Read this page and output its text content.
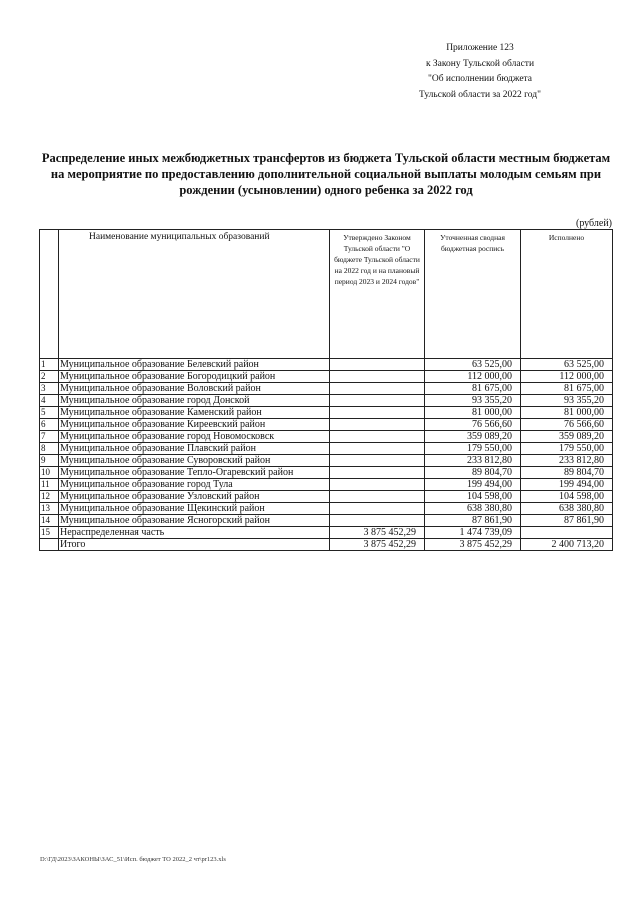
Приложение 123
к Закону Тульской области
"Об исполнении бюджета
Тульской области за 2022 год"
Распределение иных межбюджетных трансфертов из бюджета Тульской области местным бюджетам на мероприятие по предоставлению дополнительной социальной выплаты молодым семьям при рождении (усыновлении) одного ребенка за 2022 год
(рублей)
	Наименование муниципальных образований	Утверждено Законом Тульской области "О бюджете Тульской области на 2022 год и на плановый период 2023 и 2024 годов"	Уточненная сводная бюджетная роспись	Исполнено
1	Муниципальное образование Белевский район		63 525,00	63 525,00
2	Муниципальное образование Богородицкий район		112 000,00	112 000,00
3	Муниципальное образование Воловский район		81 675,00	81 675,00
4	Муниципальное образование город Донской		93 355,20	93 355,20
5	Муниципальное образование Каменский район		81 000,00	81 000,00
6	Муниципальное образование Киреевский район		76 566,60	76 566,60
7	Муниципальное образование город Новомосковск		359 089,20	359 089,20
8	Муниципальное образование Плавский район		179 550,00	179 550,00
9	Муниципальное образование Суворовский район		233 812,80	233 812,80
10	Муниципальное образование Тепло-Огаревский район		89 804,70	89 804,70
11	Муниципальное образование город Тула		199 494,00	199 494,00
12	Муниципальное образование Узловский район		104 598,00	104 598,00
13	Муниципальное образование Щекинский район		638 380,80	638 380,80
14	Муниципальное образование Ясногорский район		87 861,90	87 861,90
15	Нераспределенная часть	3 875 452,29	1 474 739,09	
	Итого	3 875 452,29	3 875 452,29	2 400 713,20
D:\ГД\2023\ЗАКОНЫ\ЗАС_51\Исп. бюджет ТО 2022_2 чт\pr123.xls
